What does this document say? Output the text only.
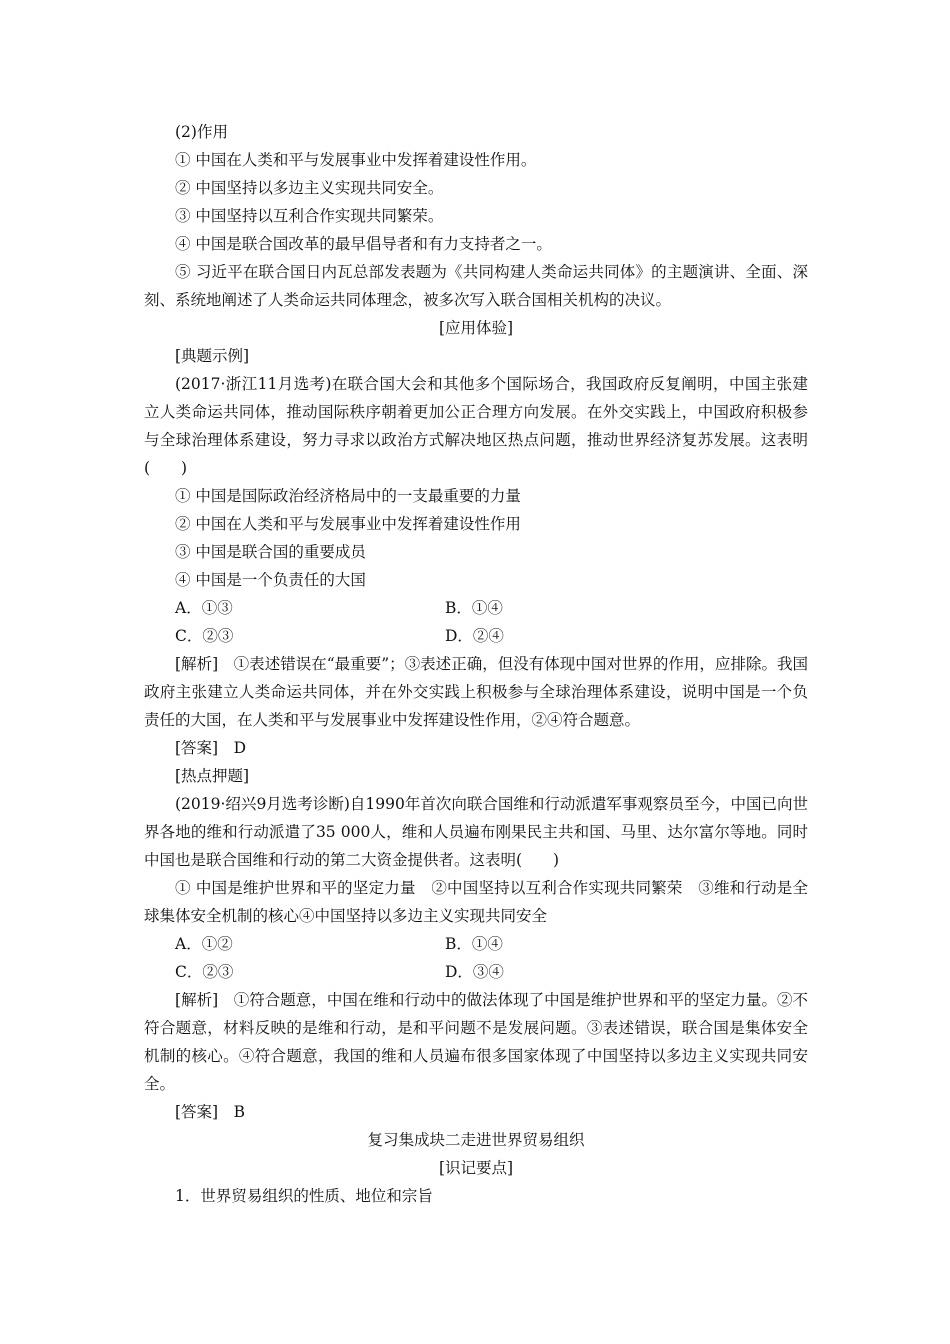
(2)作用

① 中国在人类和平与发展事业中发挥着建设性作用。

② 中国坚持以多边主义实现共同安全。

③ 中国坚持以互利合作实现共同繁荣。

④ 中国是联合国改革的最早倡导者和有力支持者之一。

⑤ 习近平在联合国日内瓦总部发表题为《共同构建人类命运共同体》的主题演讲、全面、深刻、系统地阐述了人类命运共同体理念，被多次写入联合国相关机构的决议。

[应用体验]

[典题示例]

(2017·浙江11月选考)在联合国大会和其他多个国际场合，我国政府反复阐明，中国主张建立人类命运共同体，推动国际秩序朝着更加公正合理方向发展。在外交实践上，中国政府积极参与全球治理体系建设，努力寻求以政治方式解决地区热点问题，推动世界经济复苏发展。这表明(　　)

① 中国是国际政治经济格局中的一支最重要的力量

② 中国在人类和平与发展事业中发挥着建设性作用

③ 中国是联合国的重要成员

④ 中国是一个负责任的大国

A．①③	B．①④
C．②③	D．②④

[解析]　①表述错误在“最重要”；③表述正确，但没有体现中国对世界的作用，应排除。我国政府主张建立人类命运共同体，并在外交实践上积极参与全球治理体系建设，说明中国是一个负责任的大国，在人类和平与发展事业中发挥建设性作用，②④符合题意。

[答案]　D

[热点押题]

(2019·绍兴9月选考诊断)自1990年首次向联合国维和行动派遣军事观察员至今，中国已向世界各地的维和行动派遣了35 000人，维和人员遍布刚果民主共和国、马里、达尔富尔等地。同时中国也是联合国维和行动的第二大资金提供者。这表明(　　)

① 中国是维护世界和平的坚定力量　②中国坚持以互利合作实现共同繁荣　③维和行动是全球集体安全机制的核心④中国坚持以多边主义实现共同安全

A．①②	B．①④
C．②③	D．③④

[解析]　①符合题意，中国在维和行动中的做法体现了中国是维护世界和平的坚定力量。②不符合题意，材料反映的是维和行动，是和平问题不是发展问题。③表述错误，联合国是集体安全机制的核心。④符合题意，我国的维和人员遍布很多国家体现了中国坚持以多边主义实现共同安全。

[答案]　B

复习集成块二走进世界贸易组织

[识记要点]

1．世界贸易组织的性质、地位和宗旨
